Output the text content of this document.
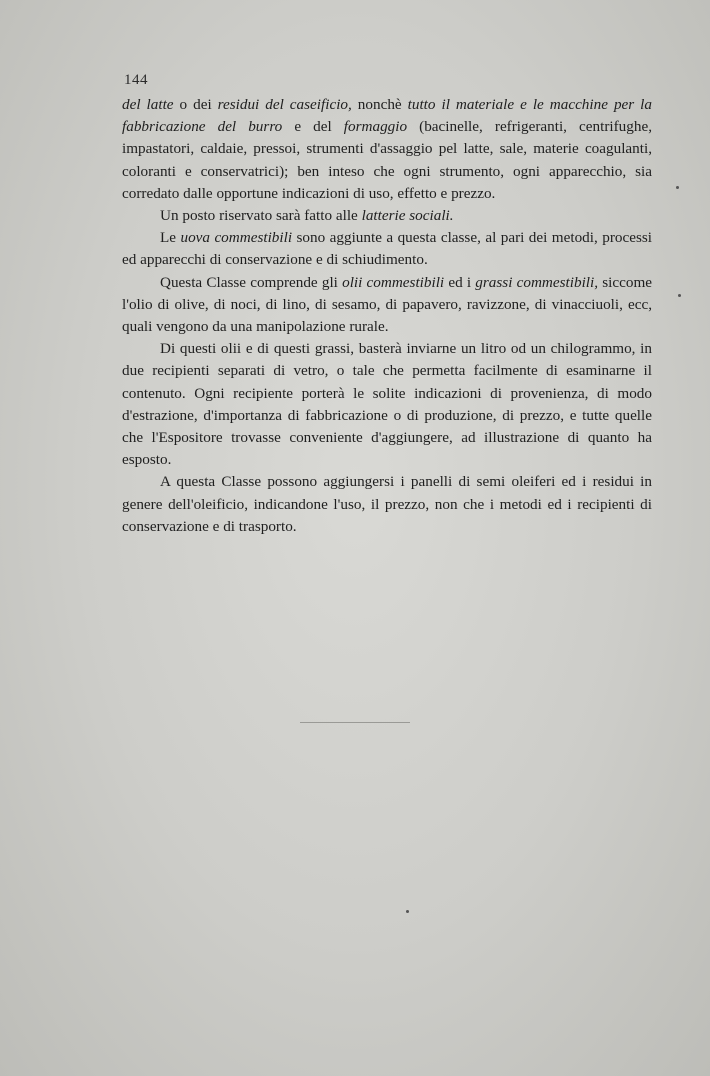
144

del latte o dei residui del caseificio, nonchè tutto il materiale e le macchine per la fabbricazione del burro e del formaggio (bacinelle, refrigeranti, centrifughe, impastatori, caldaie, pressoi, strumenti d'assaggio pel latte, sale, materie coagulanti, coloranti e conservatrici); ben inteso che ogni strumento, ogni apparecchio, sia corredato dalle opportune indicazioni di uso, effetto e prezzo.

Un posto riservato sarà fatto alle latterie sociali.

Le uova commestibili sono aggiunte a questa classe, al pari dei metodi, processi ed apparecchi di conservazione e di schiudimento.

Questa Classe comprende gli olii commestibili ed i grassi commestibili, siccome l'olio di olive, di noci, di lino, di sesamo, di papavero, ravizzone, di vinacciuoli, ecc, quali vengono da una manipolazione rurale.

Di questi olii e di questi grassi, basterà inviarne un litro od un chilogrammo, in due recipienti separati di vetro, o tale che permetta facilmente di esaminarne il contenuto. Ogni recipiente porterà le solite indicazioni di provenienza, di modo d'estrazione, d'importanza di fabbricazione o di produzione, di prezzo, e tutte quelle che l'Espositore trovasse conveniente d'aggiungere, ad illustrazione di quanto ha esposto.

A questa Classe possono aggiungersi i panelli di semi oleiferi ed i residui in genere dell'oleificio, indicandone l'uso, il prezzo, non che i metodi ed i recipienti di conservazione e di trasporto.
